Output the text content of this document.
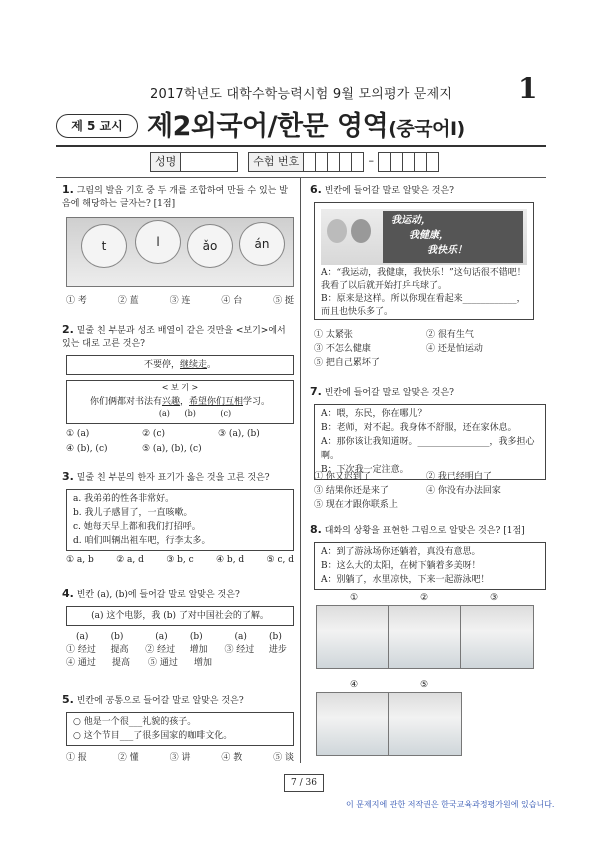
2017학년도 대학수학능력시험 9월 모의평가 문제지 1
제 5 교시 제2외국어/한문 영역(중국어Ⅰ)
성명	수험 번호	–
1. 그림의 발음 기호 중 두 개를 조합하여 만들 수 있는 발음에 해당하는 글자는? [1점]
t	l	ǎo	án
① 考	② 蓝	③ 连	④ 台	⑤ 挺
2. 밑줄 친 부분과 성조 배열이 같은 것만을 <보기>에서 있는 대로 고른 것은?
不要停，继续走。
< 보 기 >
你们俩都对书法有兴趣，希望你们互相学习。
(a) (b)	(c)
① (a)	② (c)	③ (a), (b)
④ (b), (c)	⑤ (a), (b), (c)
3. 밑줄 친 부분의 한자 표기가 옳은 것을 고른 것은?
a. 我弟弟的性各非常好。
b. 我儿子感冒了，一直咳嗽。
c. 她每天早上都和我们打招呼。
d. 咱们叫辆出祖车吧，行李太多。
① a, b ② a, d ③ b, c ④ b, d ⑤ c, d
4. 빈칸 (a), (b)에 들어갈 말로 알맞은 것은?
(a) 这个电影，我 (b) 了对中国社会的了解。
(a)	(b)	(a)	(b)	(a)	(b)
① 经过	提高	② 经过	增加	③ 经过	进步
④ 通过	提高	⑤ 通过	增加
5. 빈칸에 공통으로 들어갈 말로 알맞은 것은?
○ 他是一个很___礼貌的孩子。
○ 这个节目___了很多国家的咖啡文化。
① 报	② 懂	③ 讲	④ 教	⑤ 谈
6. 빈칸에 들어갈 말로 알맞은 것은?
我运动，
我健康，
我快乐！
A：“我运动，我健康，我快乐！”这句话很不错吧！我看了以后就开始打乒乓球了。
B：原来是这样。所以你现在看起来____________，而且也快乐多了。
① 太紧张	② 很有生气
③ 不怎么健康	④ 还是怕运动
⑤ 把自己累坏了
7. 빈칸에 들어갈 말로 알맞은 것은?
A：喂，东民，你在哪儿？
B：老师，对不起。我身体不舒服，还在家休息。
A：那你该让我知道呀。________________，我多担心啊。
B：下次我一定注意。
① 你又迟到了	② 我已经明白了
③ 结果你还是来了	④ 你没有办法回家
⑤ 现在才跟你联系上
8. 대화의 상황을 표현한 그림으로 알맞은 것은? [1점]
A：到了游泳场你还躺着，真没有意思。
B：这么大的太阳，在树下躺着多美呀！
A：别躺了，水里凉快，下来一起游泳吧！
①	②	③
④	⑤
7 / 36
이 문제지에 관한 저작권은 한국교육과정평가원에 있습니다.
